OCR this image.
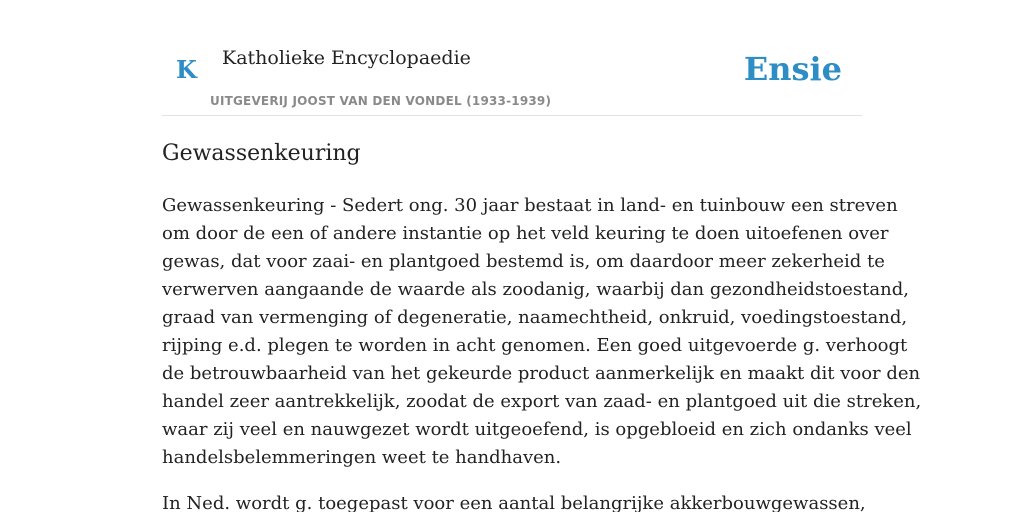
K Katholieke Encyclopaedie
UITGEVERIJ JOOST VAN DEN VONDEL (1933-1939)
Ensie
Gewassenkeuring
Gewassenkeuring - Sedert ong. 30 jaar bestaat in land- en tuinbouw een streven
om door de een of andere instantie op het veld keuring te doen uitoefenen over
gewas, dat voor zaai- en plantgoed bestemd is, om daardoor meer zekerheid te
verwerven aangaande de waarde als zoodanig, waarbij dan gezondheidstoestand,
graad van vermenging of degeneratie, naamechtheid, onkruid, voedingstoestand,
rijping e.d. plegen te worden in acht genomen. Een goed uitgevoerde g. verhoogt
de betrouwbaarheid van het gekeurde product aanmerkelijk en maakt dit voor den
handel zeer aantrekkelijk, zoodat de export van zaad- en plantgoed uit die streken,
waar zij veel en nauwgezet wordt uitgeoefend, is opgebloeid en zich ondanks veel
handelsbelemmeringen weet te handhaven.
In Ned. wordt g. toegepast voor een aantal belangrijke akkerbouwgewassen,
